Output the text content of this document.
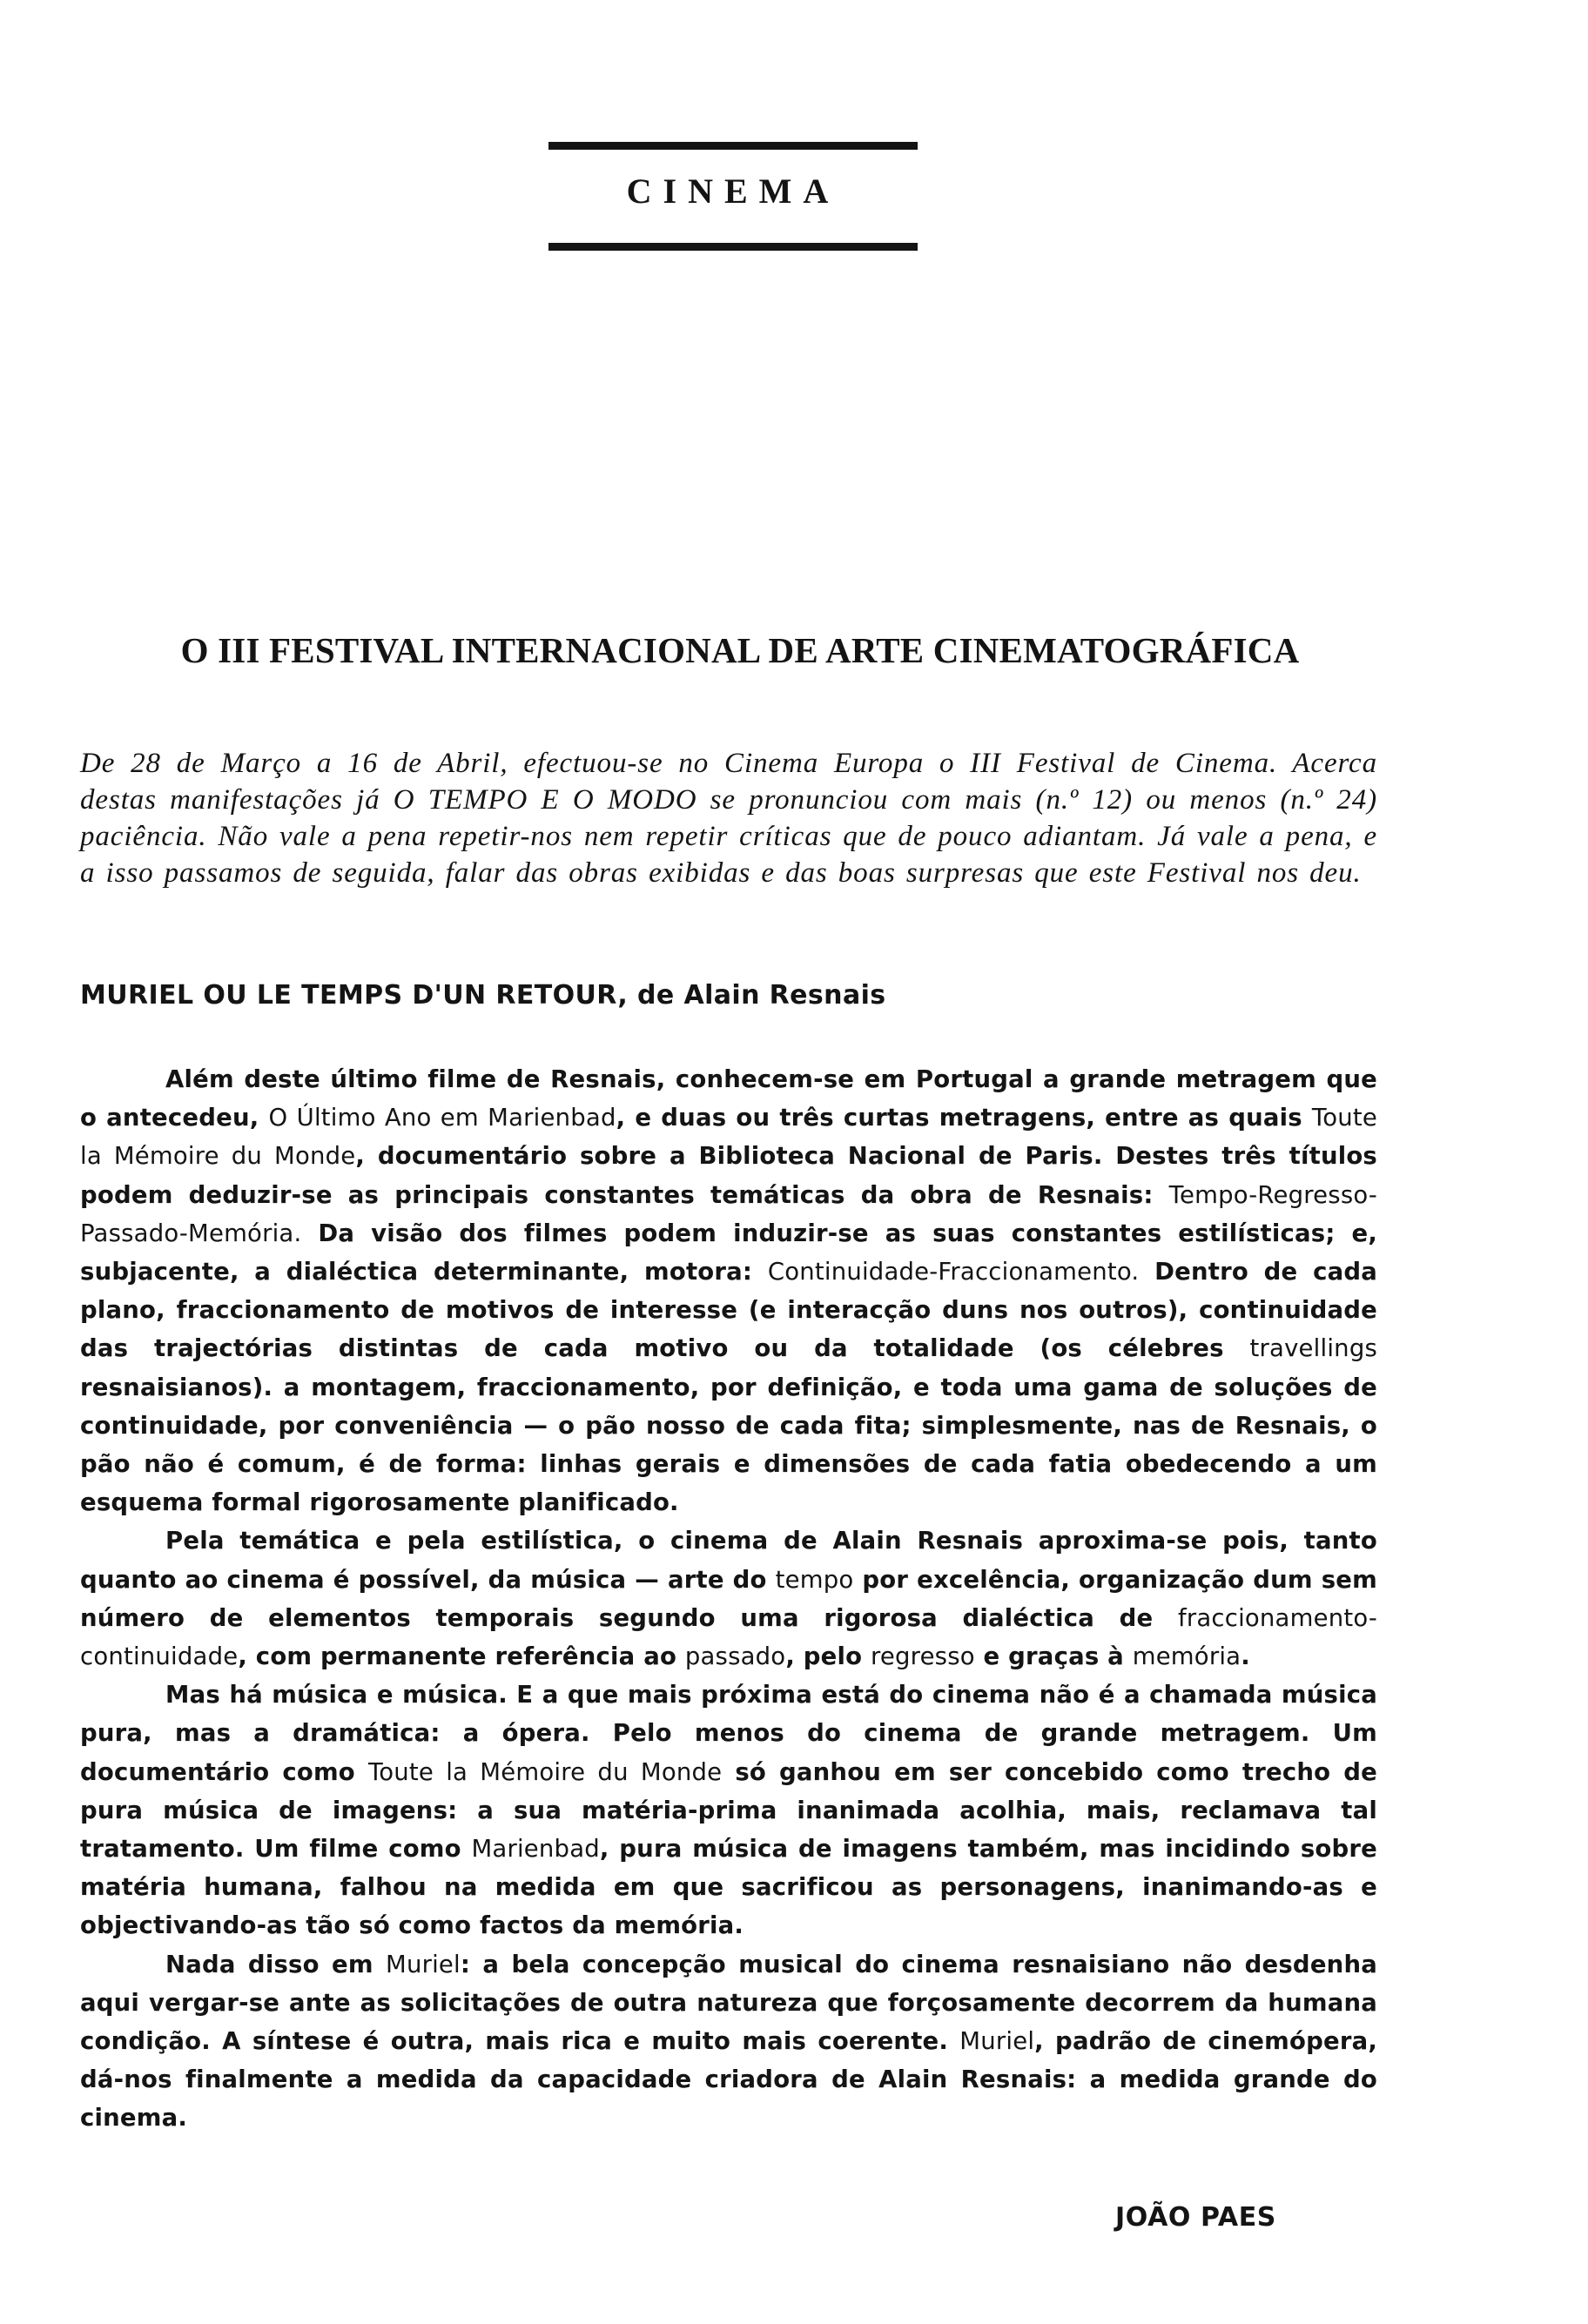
CINEMA
O III FESTIVAL INTERNACIONAL DE ARTE CINEMATOGRÁFICA

De 28 de Março a 16 de Abril, efectuou-se no Cinema Europa o III Festival de Cinema. Acerca destas manifestações já O TEMPO E O MODO se pronunciou com mais (n.º 12) ou menos (n.º 24) paciência. Não vale a pena repetir-nos nem repetir críticas que de pouco adiantam. Já vale a pena, e a isso passamos de seguida, falar das obras exibidas e das boas surpresas que este Festival nos deu.

MURIEL OU LE TEMPS D'UN RETOUR, de Alain Resnais

Além deste último filme de Resnais, conhecem-se em Portugal a grande metragem que o antecedeu, O Último Ano em Marienbad, e duas ou três curtas metragens, entre as quais Toute la Mémoire du Monde, documentário sobre a Biblioteca Nacional de Paris. Destes três títulos podem deduzir-se as principais constantes temáticas da obra de Resnais: Tempo-Regresso-Passado-Memória. Da visão dos filmes podem induzir-se as suas constantes estilísticas; e, subjacente, a dialéctica determinante, motora: Continuidade-Fraccionamento. Dentro de cada plano, fraccionamento de motivos de interesse (e interacção duns nos outros), continuidade das trajectórias distintas de cada motivo ou da totalidade (os célebres travellings resnaisianos). a montagem, fraccionamento, por definição, e toda uma gama de soluções de continuidade, por conveniência — o pão nosso de cada fita; simplesmente, nas de Resnais, o pão não é comum, é de forma: linhas gerais e dimensões de cada fatia obedecendo a um esquema formal rigorosamente planificado.

Pela temática e pela estilística, o cinema de Alain Resnais aproxima-se pois, tanto quanto ao cinema é possível, da música — arte do tempo por excelência, organização dum sem número de elementos temporais segundo uma rigorosa dialéctica de fraccionamento-continuidade, com permanente referência ao passado, pelo regresso e graças à memória.

Mas há música e música. E a que mais próxima está do cinema não é a chamada música pura, mas a dramática: a ópera. Pelo menos do cinema de grande metragem. Um documentário como Toute la Mémoire du Monde só ganhou em ser concebido como trecho de pura música de imagens: a sua matéria-prima inanimada acolhia, mais, reclamava tal tratamento. Um filme como Marienbad, pura música de imagens também, mas incidindo sobre matéria humana, falhou na medida em que sacrificou as personagens, inanimando-as e objectivando-as tão só como factos da memória.

Nada disso em Muriel: a bela concepção musical do cinema resnaisiano não desdenha aqui vergar-se ante as solicitações de outra natureza que forçosamente decorrem da humana condição. A síntese é outra, mais rica e muito mais coerente. Muriel, padrão de cinemópera, dá-nos finalmente a medida da capacidade criadora de Alain Resnais: a medida grande do cinema.

JOÃO PAES
